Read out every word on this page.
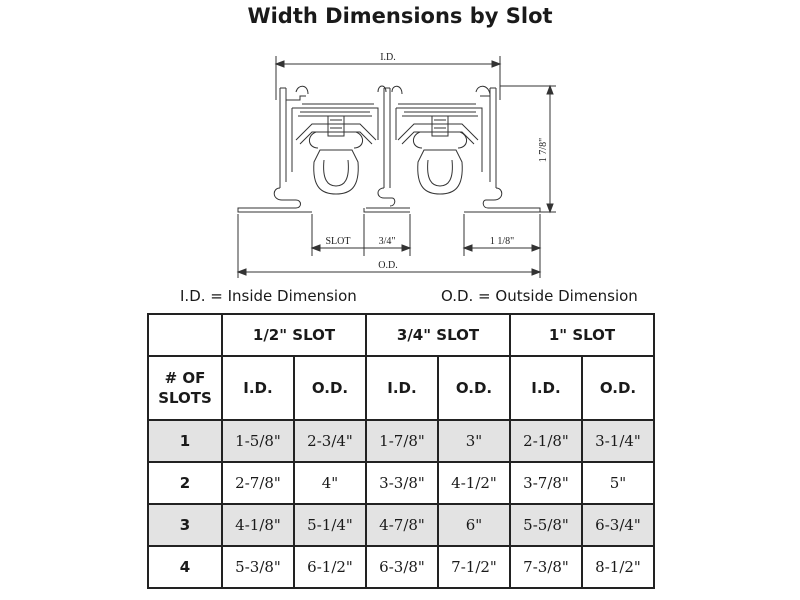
Width Dimensions by Slot
I.D.
SLOT	3/4"	1 1/8"
O.D.
1 7/8"
I.D. = Inside Dimension	O.D. = Outside Dimension
	1/2" SLOT		3/4" SLOT		1" SLOT	
# OF SLOTS	I.D.	O.D.	I.D.	O.D.	I.D.	O.D.
1	1-5/8"	2-3/4"	1-7/8"	3"	2-1/8"	3-1/4"
2	2-7/8"	4"	3-3/8"	4-1/2"	3-7/8"	5"
3	4-1/8"	5-1/4"	4-7/8"	6"	5-5/8"	6-3/4"
4	5-3/8"	6-1/2"	6-3/8"	7-1/2"	7-3/8"	8-1/2"
